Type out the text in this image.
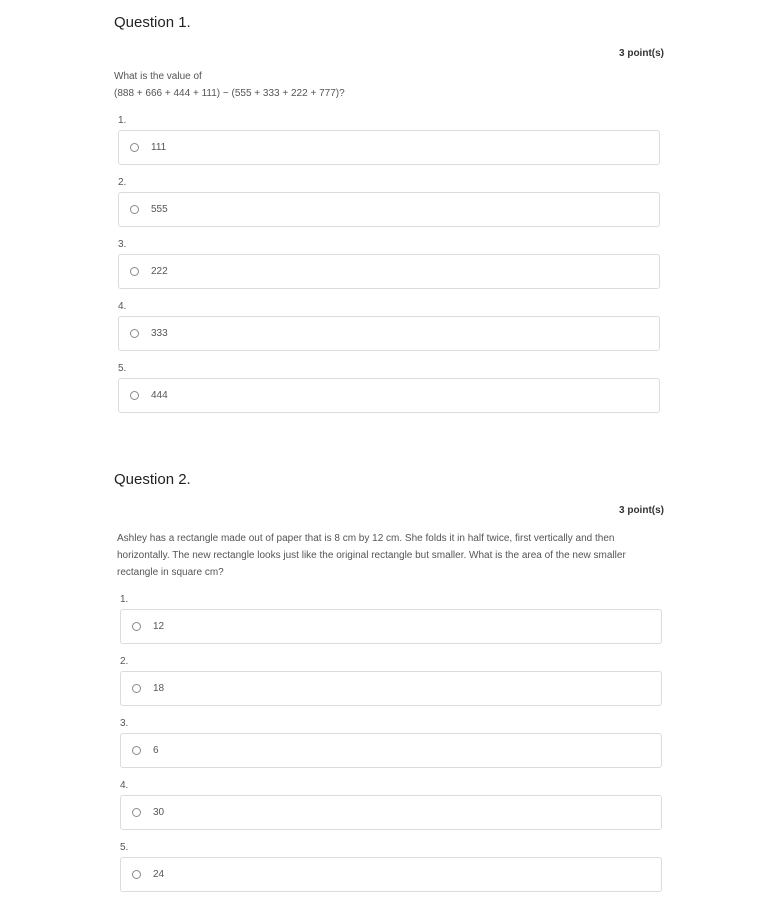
Question 1.
3 point(s)
What is the value of
(888 + 666 + 444 + 111) − (555 + 333 + 222 + 777)?
1.
111
2.
555
3.
222
4.
333
5.
444
Question 2.
3 point(s)
Ashley has a rectangle made out of paper that is 8 cm by 12 cm. She folds it in half twice, first vertically and then horizontally. The new rectangle looks just like the original rectangle but smaller. What is the area of the new smaller rectangle in square cm?
1.
12
2.
18
3.
6
4.
30
5.
24
